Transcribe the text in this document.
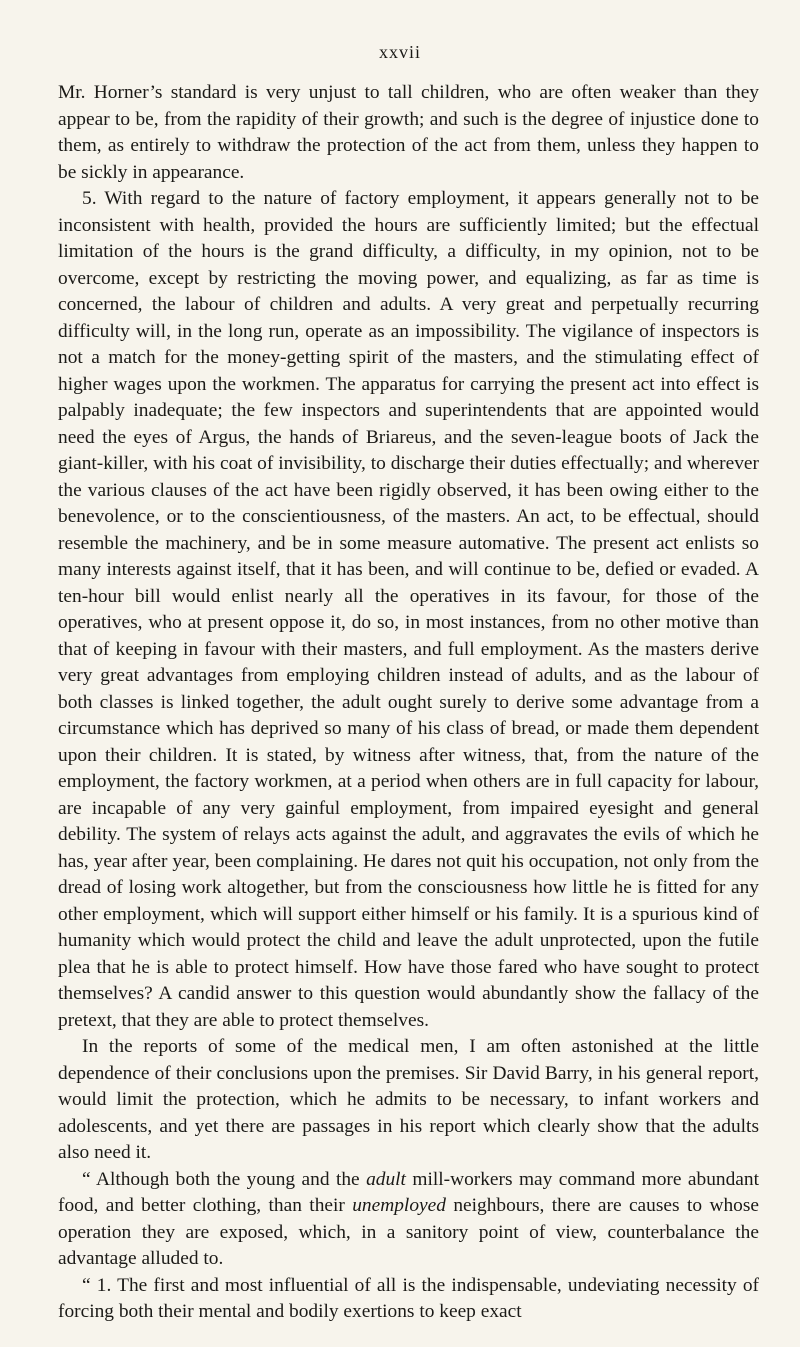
xxvii

Mr. Horner’s standard is very unjust to tall children, who are often weaker than they appear to be, from the rapidity of their growth; and such is the degree of injustice done to them, as entirely to withdraw the protection of the act from them, unless they happen to be sickly in appearance.

5. With regard to the nature of factory employment, it appears generally not to be inconsistent with health, provided the hours are sufficiently limited; but the effectual limitation of the hours is the grand difficulty, a difficulty, in my opinion, not to be overcome, except by restricting the moving power, and equalizing, as far as time is concerned, the labour of children and adults. A very great and perpetually recurring difficulty will, in the long run, operate as an impossibility. The vigilance of inspectors is not a match for the money-getting spirit of the masters, and the stimulating effect of higher wages upon the workmen. The apparatus for carrying the present act into effect is palpably inadequate; the few inspectors and superintendents that are appointed would need the eyes of Argus, the hands of Briareus, and the seven-league boots of Jack the giant-killer, with his coat of invisibility, to discharge their duties effectually; and wherever the various clauses of the act have been rigidly observed, it has been owing either to the benevolence, or to the conscientiousness, of the masters. An act, to be effectual, should resemble the machinery, and be in some measure automative. The present act enlists so many interests against itself, that it has been, and will continue to be, defied or evaded. A ten-hour bill would enlist nearly all the operatives in its favour, for those of the operatives, who at present oppose it, do so, in most instances, from no other motive than that of keeping in favour with their masters, and full employment. As the masters derive very great advantages from employing children instead of adults, and as the labour of both classes is linked together, the adult ought surely to derive some advantage from a circumstance which has deprived so many of his class of bread, or made them dependent upon their children. It is stated, by witness after witness, that, from the nature of the employment, the factory workmen, at a period when others are in full capacity for labour, are incapable of any very gainful employment, from impaired eyesight and general debility. The system of relays acts against the adult, and aggravates the evils of which he has, year after year, been complaining. He dares not quit his occupation, not only from the dread of losing work altogether, but from the consciousness how little he is fitted for any other employment, which will support either himself or his family. It is a spurious kind of humanity which would protect the child and leave the adult unprotected, upon the futile plea that he is able to protect himself. How have those fared who have sought to protect themselves? A candid answer to this question would abundantly show the fallacy of the pretext, that they are able to protect themselves.

In the reports of some of the medical men, I am often astonished at the little dependence of their conclusions upon the premises. Sir David Barry, in his general report, would limit the protection, which he admits to be necessary, to infant workers and adolescents, and yet there are passages in his report which clearly show that the adults also need it.

“ Although both the young and the adult mill-workers may command more abundant food, and better clothing, than their unemployed neighbours, there are causes to whose operation they are exposed, which, in a sanitory point of view, counterbalance the advantage alluded to.

“ 1. The first and most influential of all is the indispensable, undeviating necessity of forcing both their mental and bodily exertions to keep exact
